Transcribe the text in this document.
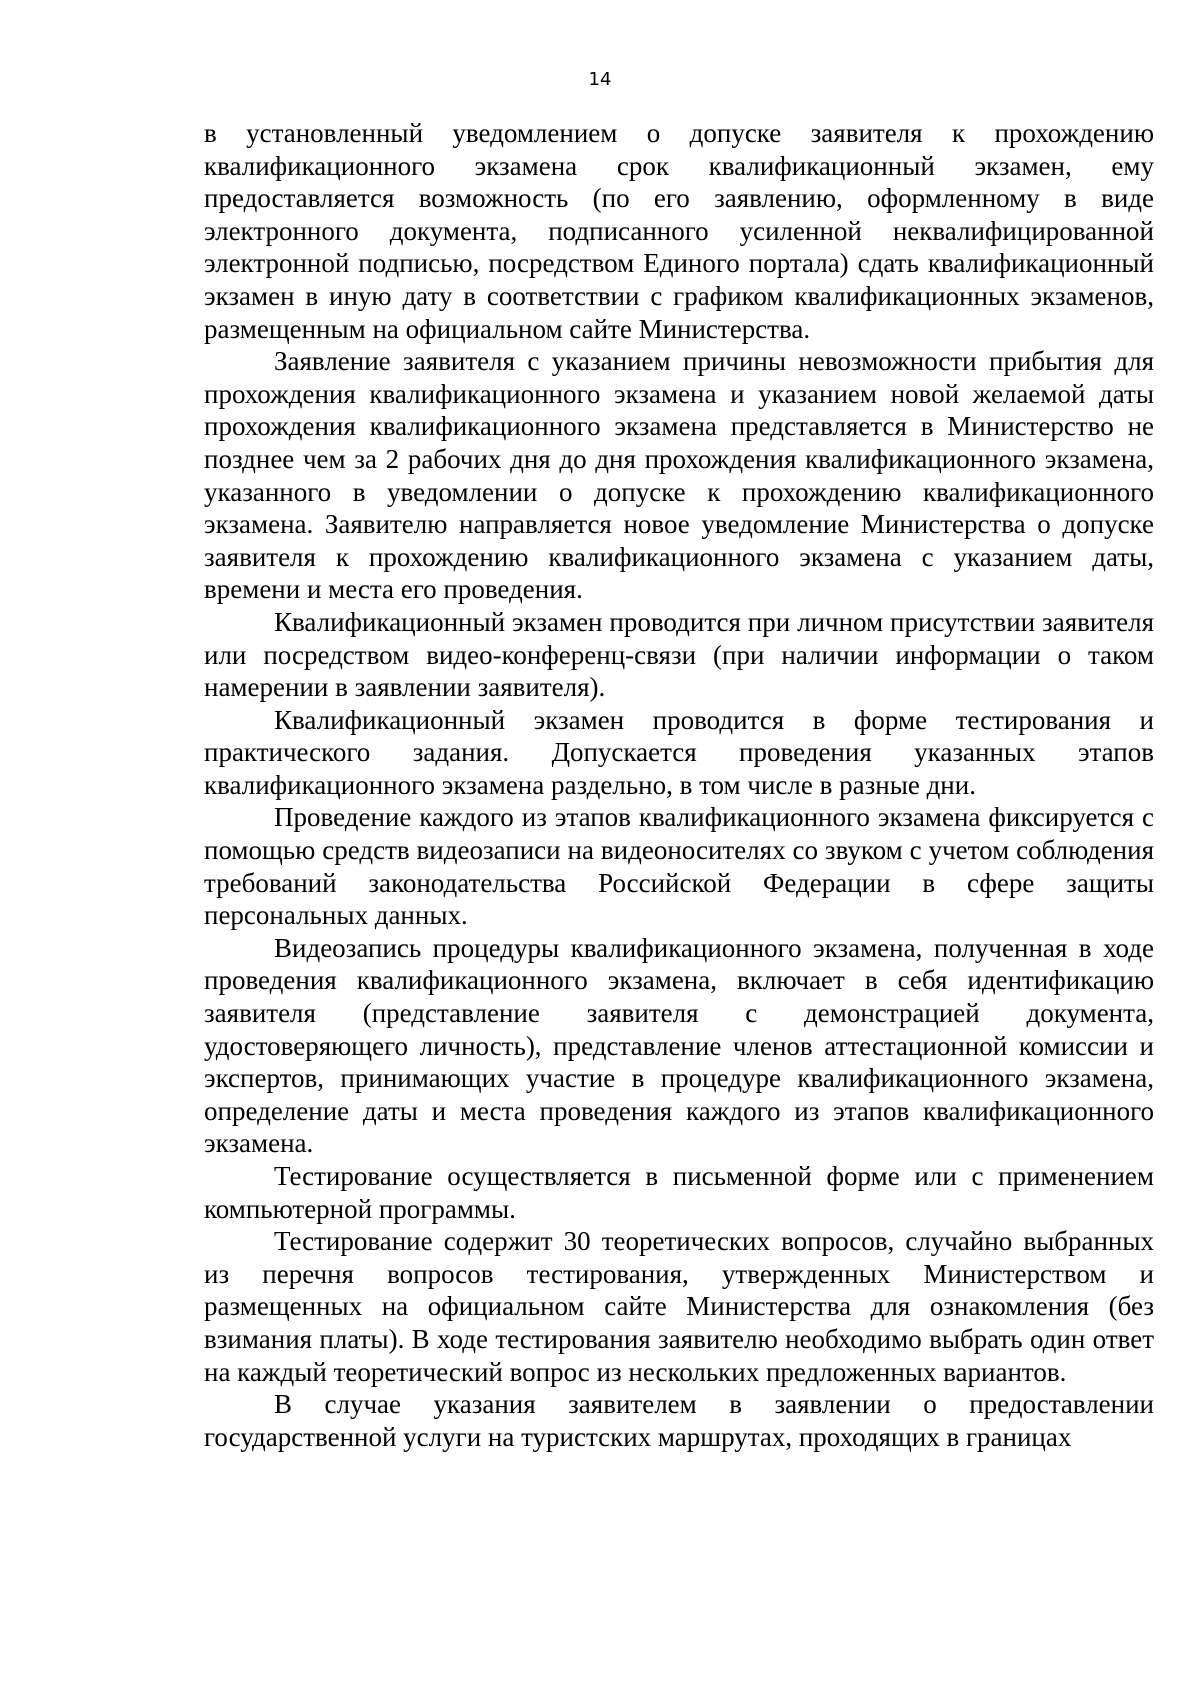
14

в установленный уведомлением о допуске заявителя к прохождению квалификационного экзамена срок квалификационный экзамен, ему предоставляется возможность (по его заявлению, оформленному в виде электронного документа, подписанного усиленной неквалифицированной электронной подписью, посредством Единого портала) сдать квалификационный экзамен в иную дату в соответствии с графиком квалификационных экзаменов, размещенным на официальном сайте Министерства.

Заявление заявителя с указанием причины невозможности прибытия для прохождения квалификационного экзамена и указанием новой желаемой даты прохождения квалификационного экзамена представляется в Министерство не позднее чем за 2 рабочих дня до дня прохождения квалификационного экзамена, указанного в уведомлении о допуске к прохождению квалификационного экзамена. Заявителю направляется новое уведомление Министерства о допуске заявителя к прохождению квалификационного экзамена с указанием даты, времени и места его проведения.

Квалификационный экзамен проводится при личном присутствии заявителя или посредством видео-конференц-связи (при наличии информации о таком намерении в заявлении заявителя).

Квалификационный экзамен проводится в форме тестирования и практического задания. Допускается проведения указанных этапов квалификационного экзамена раздельно, в том числе в разные дни.

Проведение каждого из этапов квалификационного экзамена фиксируется с помощью средств видеозаписи на видеоносителях со звуком с учетом соблюдения требований законодательства Российской Федерации в сфере защиты персональных данных.

Видеозапись процедуры квалификационного экзамена, полученная в ходе проведения квалификационного экзамена, включает в себя идентификацию заявителя (представление заявителя с демонстрацией документа, удостоверяющего личность), представление членов аттестационной комиссии и экспертов, принимающих участие в процедуре квалификационного экзамена, определение даты и места проведения каждого из этапов квалификационного экзамена.

Тестирование осуществляется в письменной форме или с применением компьютерной программы.

Тестирование содержит 30 теоретических вопросов, случайно выбранных из перечня вопросов тестирования, утвержденных Министерством и размещенных на официальном сайте Министерства для ознакомления (без взимания платы). В ходе тестирования заявителю необходимо выбрать один ответ на каждый теоретический вопрос из нескольких предложенных вариантов.

В случае указания заявителем в заявлении о предоставлении государственной услуги на туристских маршрутах, проходящих в границах
